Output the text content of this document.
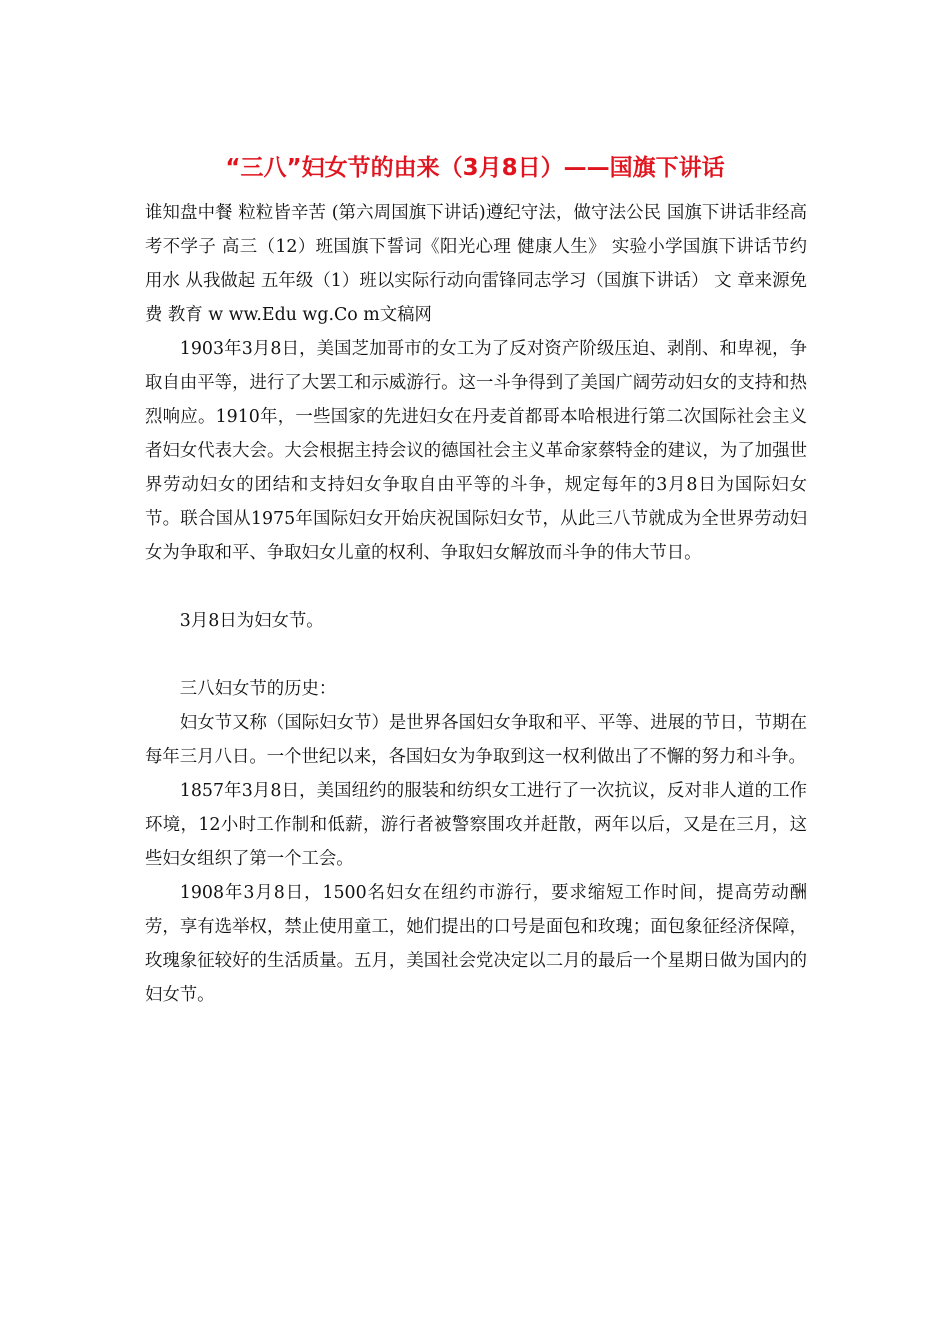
“三八”妇女节的由来（3月8日）——国旗下讲话

谁知盘中餐 粒粒皆辛苦 (第六周国旗下讲话)遵纪守法，做守法公民 国旗下讲话非经高考不学子 高三（12）班国旗下誓词《阳光心理 健康人生》 实验小学国旗下讲话节约用水 从我做起 五年级（1）班以实际行动向雷锋同志学习（国旗下讲话） 文 章来源免费 教育 w ww.Edu wg.Co m文稿网

1903年3月8日，美国芝加哥市的女工为了反对资产阶级压迫、剥削、和卑视，争取自由平等，进行了大罢工和示威游行。这一斗争得到了美国广阔劳动妇女的支持和热烈响应。1910年，一些国家的先进妇女在丹麦首都哥本哈根进行第二次国际社会主义者妇女代表大会。大会根据主持会议的德国社会主义革命家蔡特金的建议，为了加强世界劳动妇女的团结和支持妇女争取自由平等的斗争，规定每年的3月8日为国际妇女节。联合国从1975年国际妇女开始庆祝国际妇女节，从此三八节就成为全世界劳动妇女为争取和平、争取妇女儿童的权利、争取妇女解放而斗争的伟大节日。

3月8日为妇女节。

三八妇女节的历史：

妇女节又称（国际妇女节）是世界各国妇女争取和平、平等、进展的节日，节期在每年三月八日。一个世纪以来，各国妇女为争取到这一权利做出了不懈的努力和斗争。

1857年3月8日，美国纽约的服装和纺织女工进行了一次抗议，反对非人道的工作环境，12小时工作制和低薪，游行者被警察围攻并赶散，两年以后，又是在三月，这些妇女组织了第一个工会。

1908年3月8日，1500名妇女在纽约市游行，要求缩短工作时间，提高劳动酬劳，享有选举权，禁止使用童工，她们提出的口号是面包和玫瑰；面包象征经济保障，玫瑰象征较好的生活质量。五月，美国社会党决定以二月的最后一个星期日做为国内的妇女节。
